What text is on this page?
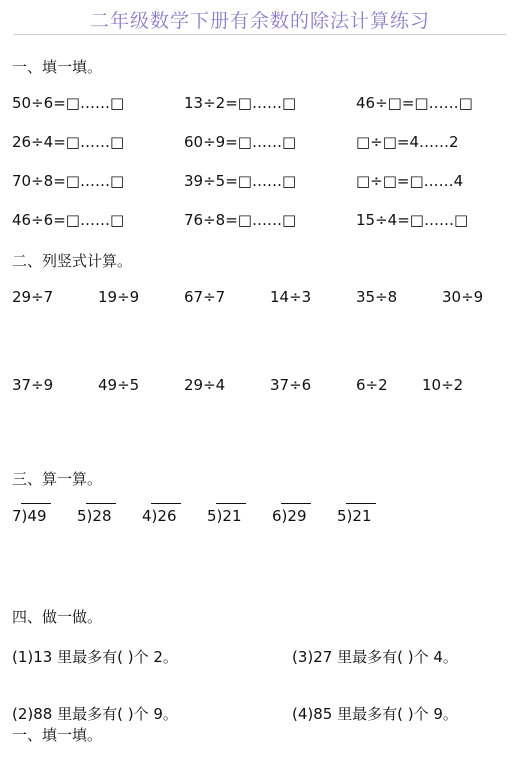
二年级数学下册有余数的除法计算练习
一、填一填。
50÷6=□……□	13÷2=□……□	46÷□=□……□
26÷4=□……□	60÷9=□……□	□÷□=4……2
70÷8=□……□	39÷5=□……□	□÷□=□……4
46÷6=□……□	76÷8=□……□	15÷4=□……□
二、列竖式计算。
29÷7	19÷9	67÷7	14÷3	35÷8	30÷9
37÷9	49÷5	29÷4	37÷6	6÷2 10÷2
三、算一算。
7)49 5)28 4)26 5)21 6)29 5)21
四、做一做。
(1)13 里最多有( )个 2。	(3)27 里最多有( )个 4。
(2)88 里最多有( )个 9。	(4)85 里最多有( )个 9。
一、填一填。
